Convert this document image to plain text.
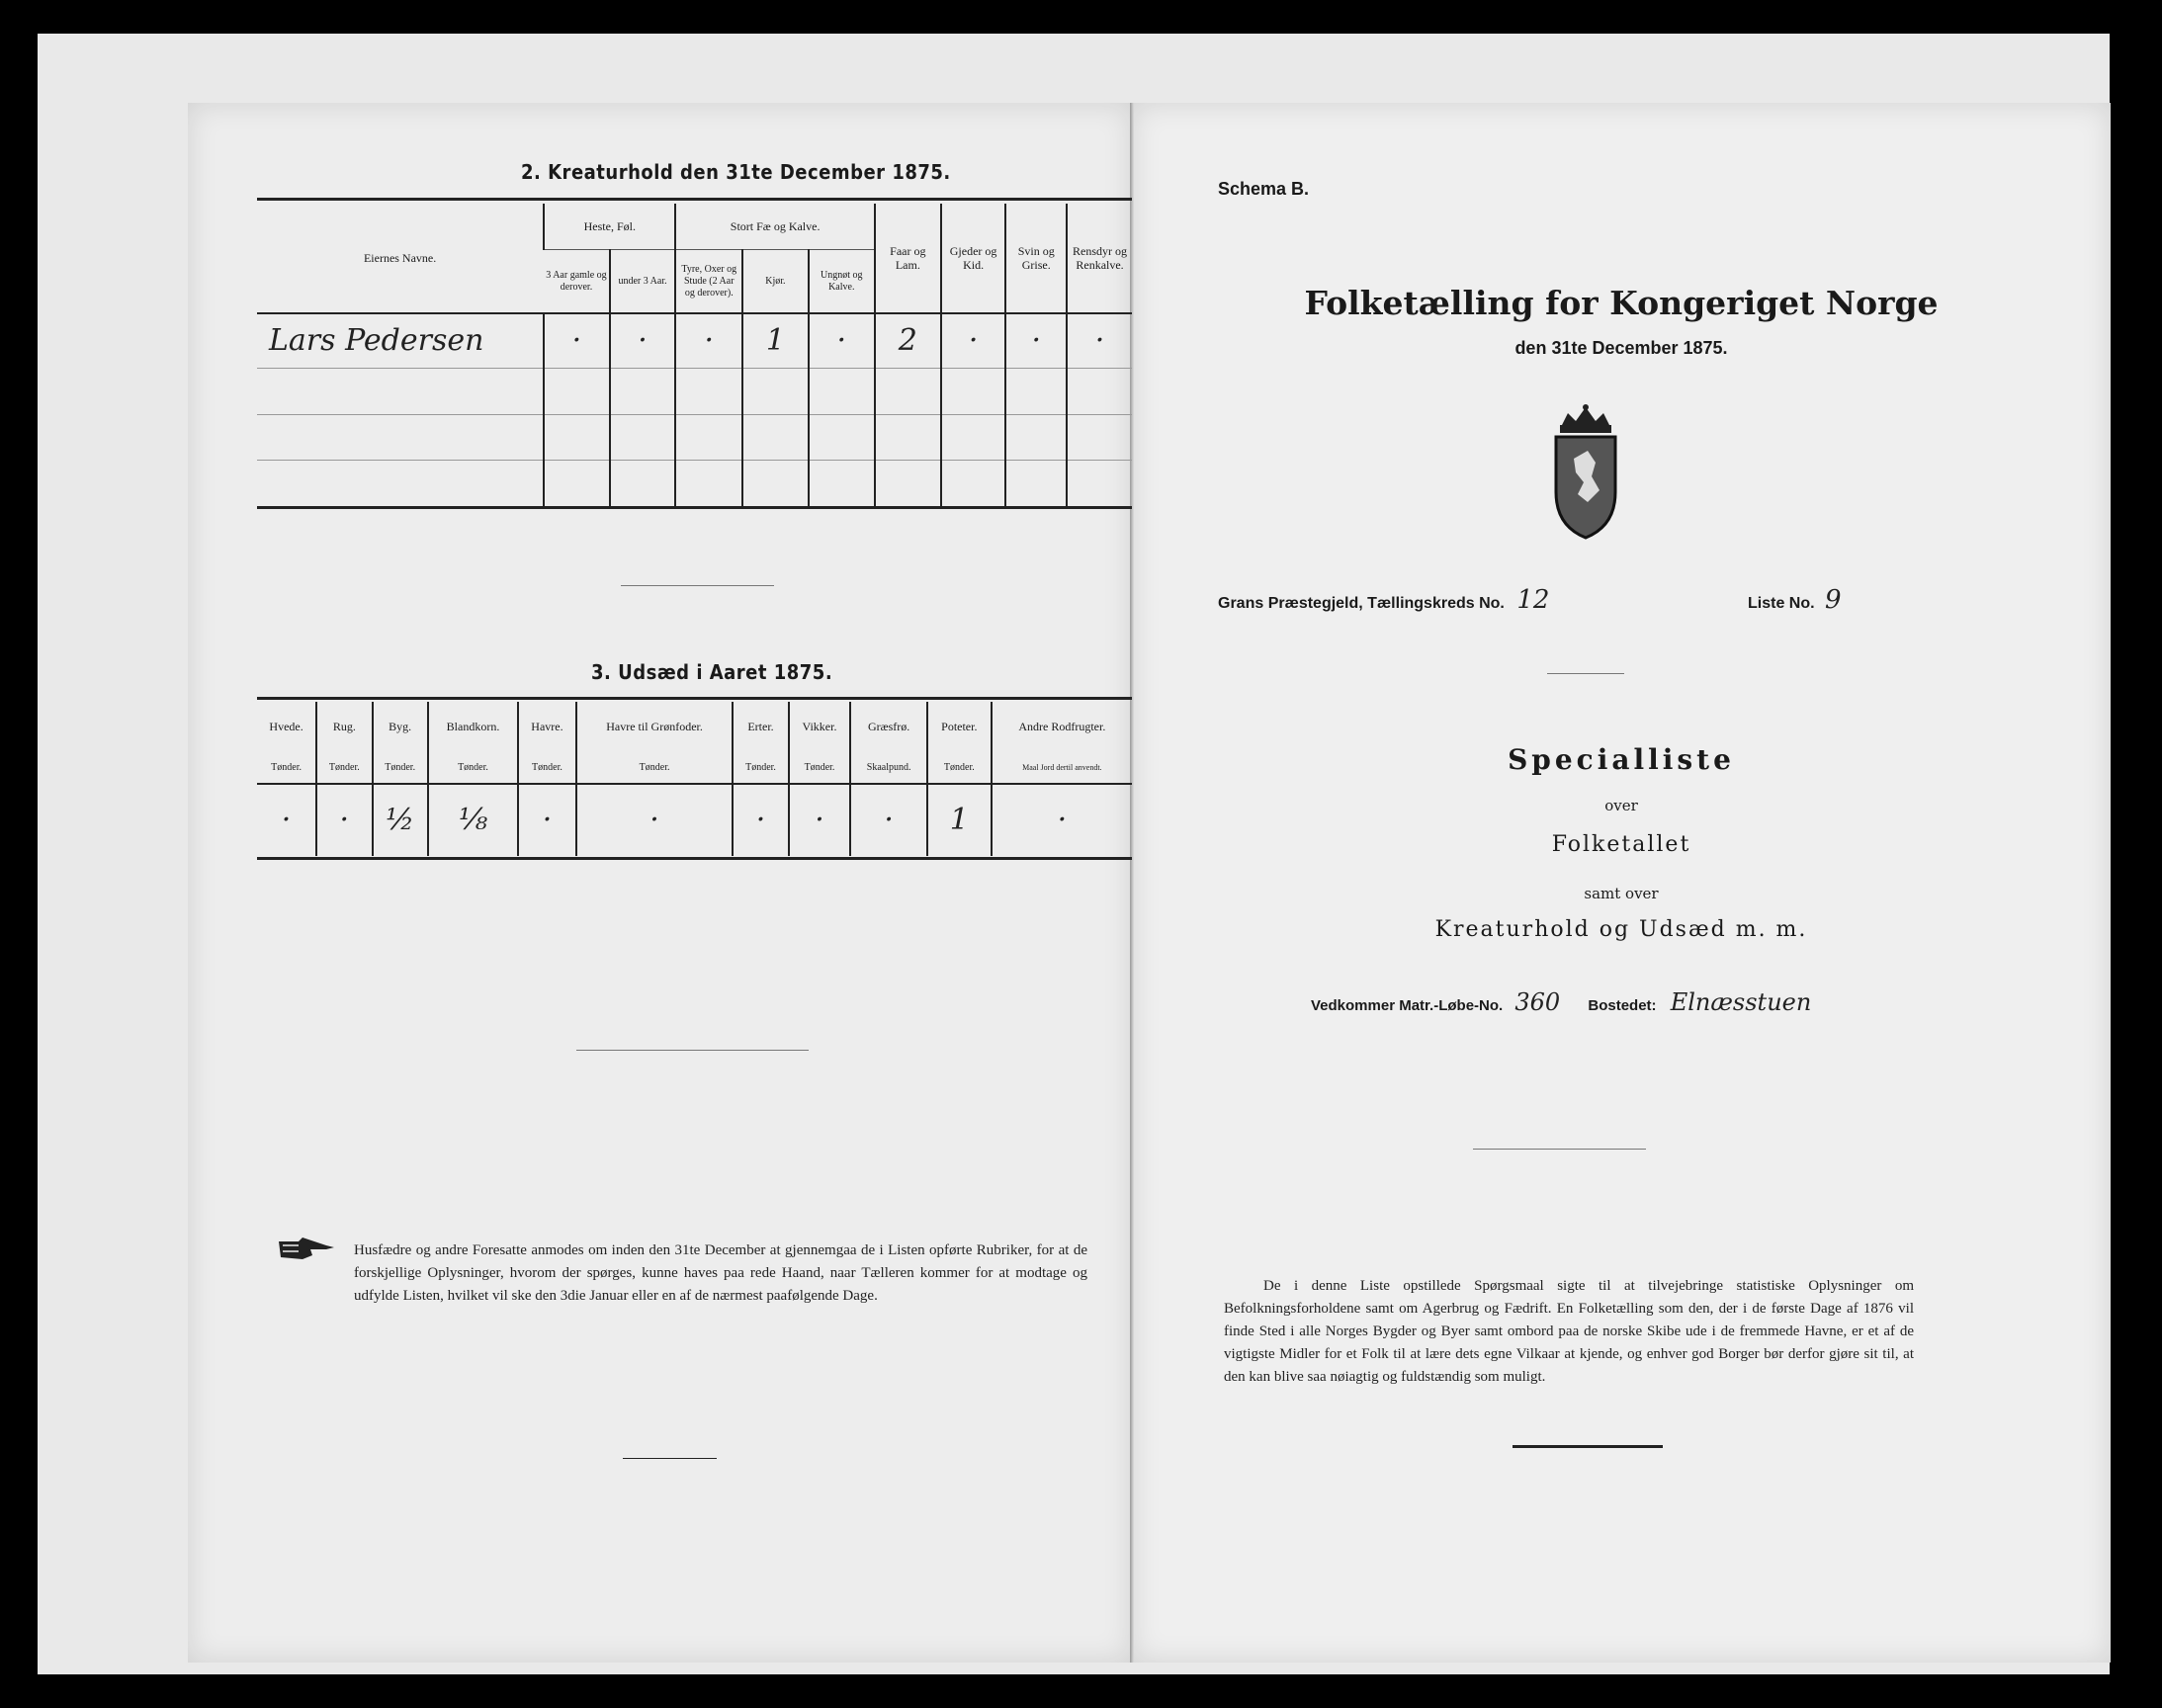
2. Kreaturhold den 31te December 1875.
Eiernes Navne.	Heste, Føl.		Stort Fæ og Kalve.			Faar og Lam.	Gjeder og Kid.	Svin og Grise.	Rensdyr og Renkalve.
	3 Aar gamle og derover.	under 3 Aar.	Tyre, Oxer og Stude (2 Aar og derover).	Kjør.	Ungnøt og Kalve.				
Lars Pedersen	·	·	·	1	·	2	·	·	·

3. Udsæd i Aaret 1875.
Hvede.	Rug.	Byg.	Blandkorn.	Havre.	Havre til Grønfoder.	Erter.	Vikker.	Græsfrø.	Poteter.	Andre Rodfrugter.
Tønder.	Tønder.	Tønder.	Tønder.	Tønder.	Tønder.	Tønder.	Tønder.	Skaalpund.	Tønder.	Maal Jord dertil anvendt.
·	·	½	⅛	·	·	·	·	·	1	·
Husfædre og andre Foresatte anmodes om inden den 31te December at gjennemgaa de i Listen opførte Rubriker, for at de forskjellige Oplysninger, hvorom der spørges, kunne haves paa rede Haand, naar Tælleren kommer for at modtage og udfylde Listen, hvilket vil ske den 3die Januar eller en af de nærmest paafølgende Dage.
Schema B.
Folketælling for Kongeriget Norge
den 31te December 1875.
Grans Præstegjeld, Tællingskreds No. 12	Liste No. 9
Specialliste
over
Folketallet
samt over
Kreaturhold og Udsæd m. m.
Vedkommer Matr.-Løbe-No. 360 Bostedet: Elnæsstuen
De i denne Liste opstillede Spørgsmaal sigte til at tilvejebringe statistiske Oplysninger om Befolkningsforholdene samt om Agerbrug og Fædrift. En Folketælling som den, der i de første Dage af 1876 vil finde Sted i alle Norges Bygder og Byer samt ombord paa de norske Skibe ude i de fremmede Havne, er et af de vigtigste Midler for et Folk til at lære dets egne Vilkaar at kjende, og enhver god Borger bør derfor gjøre sit til, at den kan blive saa nøiagtig og fuldstændig som muligt.
